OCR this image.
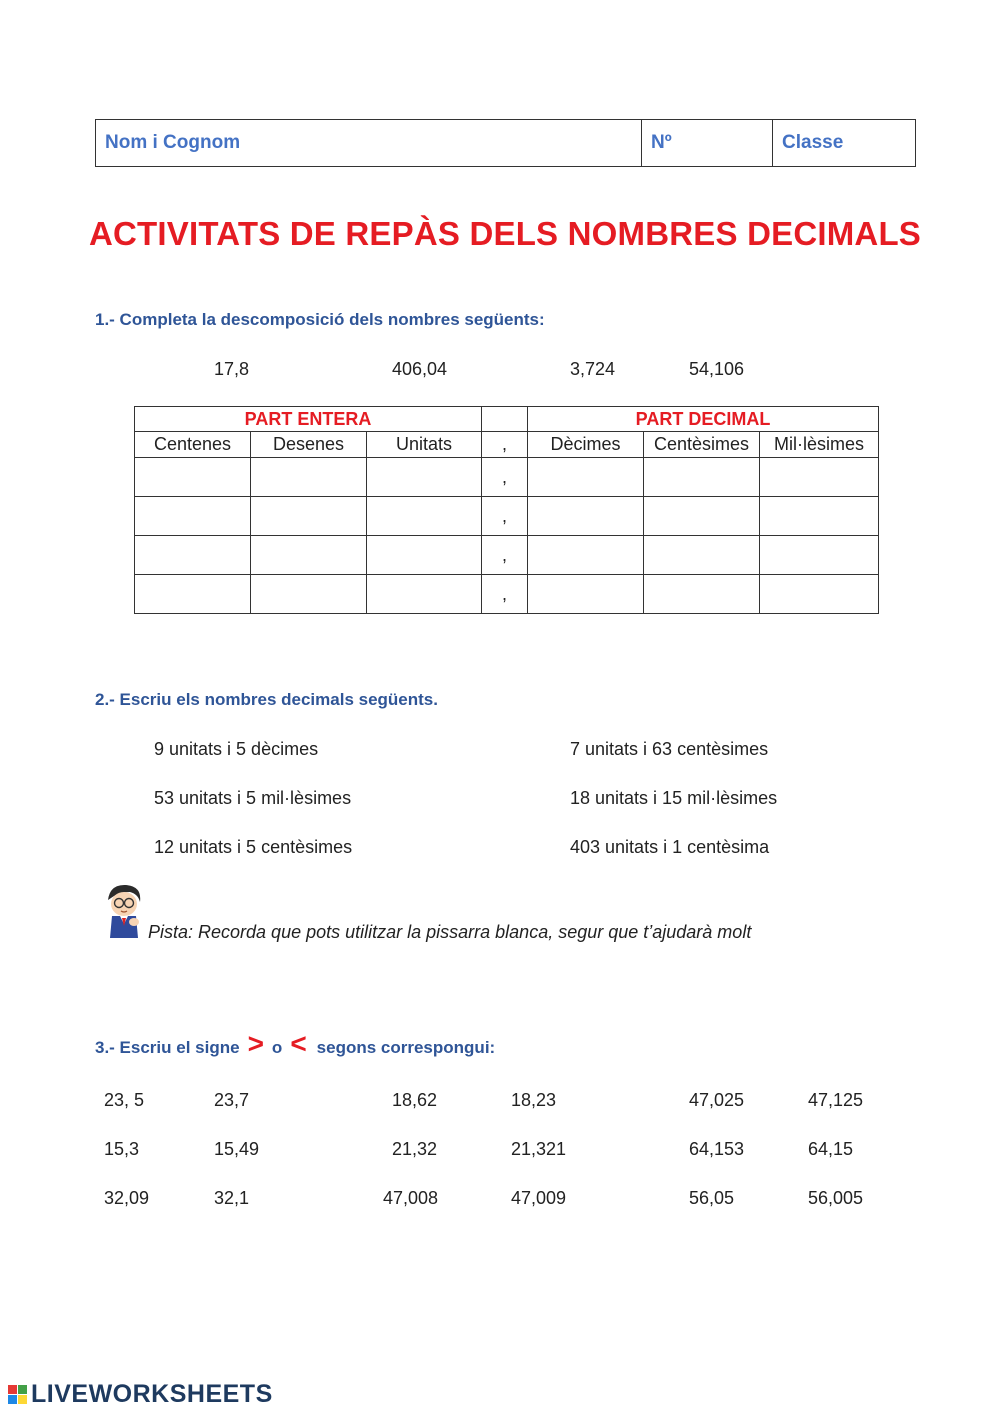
Nom i Cognom	Nº	Classe
ACTIVITATS DE REPÀS DELS NOMBRES DECIMALS
1.- Completa la descomposició dels nombres següents:
17,8	406,04	3,724	54,106
PART ENTERA				PART DECIMAL		
Centenes	Desenes	Unitats	,	Dècimes	Centèsimes	Mil·lèsimes
			,			
			,			
			,			
			,			
2.- Escriu els nombres decimals següents.
9 unitats i 5 dècimes	7 unitats i 63 centèsimes
53 unitats i 5 mil·lèsimes	18 unitats i 15 mil·lèsimes
12 unitats i 5 centèsimes	403 unitats i 1 centèsima
Pista: Recorda que pots utilitzar la pissarra blanca, segur que t’ajudarà molt
3.- Escriu el signe > o < segons correspongui:
23, 5	23,7	18,62	18,23	47,025	47,125
15,3	15,49	21,32	21,321	64,153	64,15
32,09	32,1	47,008	47,009	56,05	56,005
LIVEWORKSHEETS
